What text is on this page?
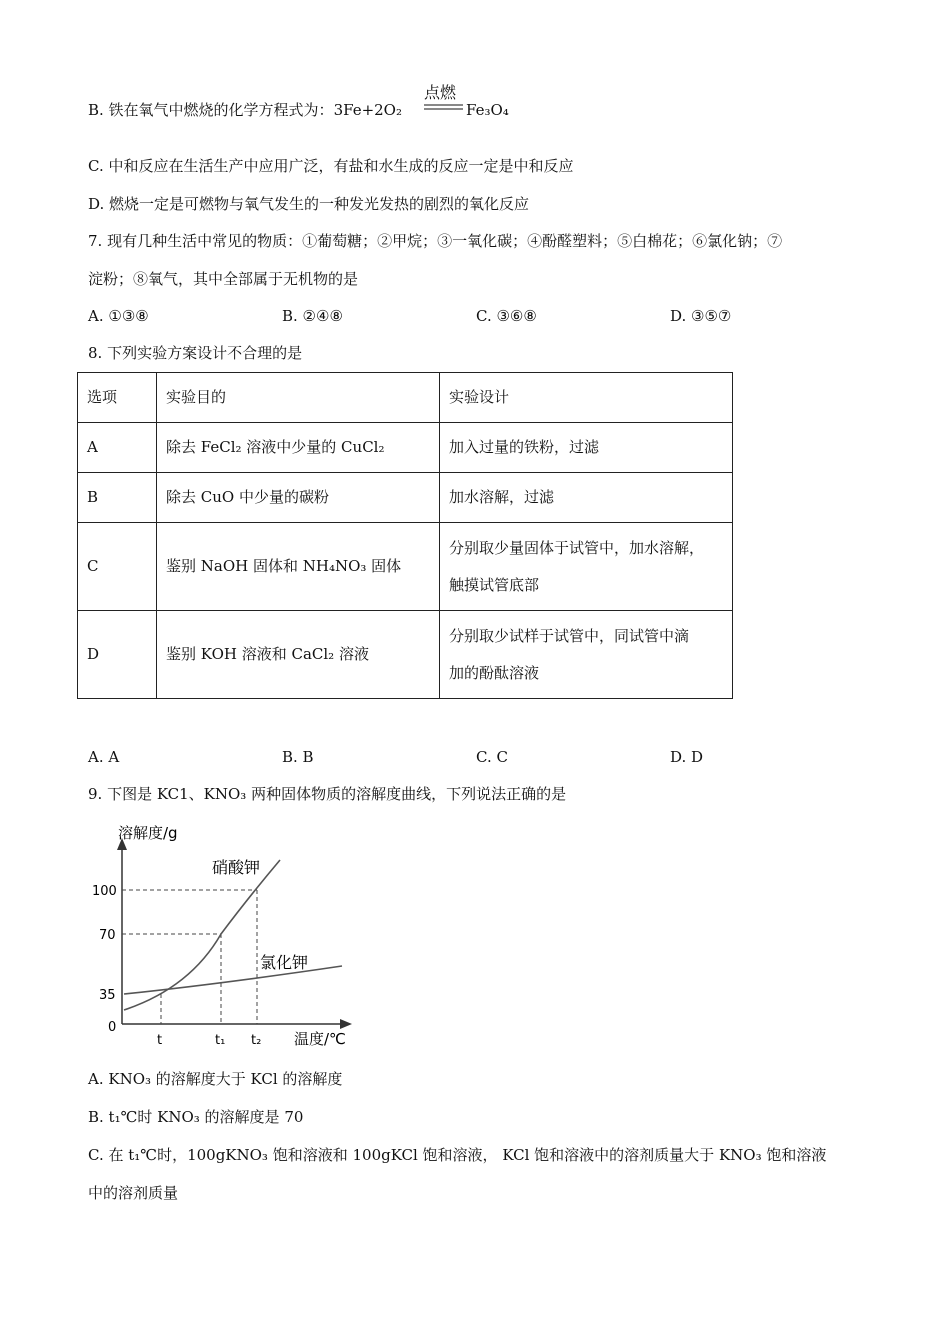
B. 铁在氧气中燃烧的化学方程式为：3Fe+2O₂
点燃
Fe₃O₄
C. 中和反应在生活生产中应用广泛，有盐和水生成的反应一定是中和反应
D. 燃烧一定是可燃物与氧气发生的一种发光发热的剧烈的氧化反应
7. 现有几种生活中常见的物质：①葡萄糖；②甲烷；③一氧化碳；④酚醛塑料；⑤白棉花；⑥氯化钠；⑦
淀粉；⑧氧气，其中全部属于无机物的是
A. ①③⑧	B. ②④⑧	C. ③⑥⑧	D. ③⑤⑦
8. 下列实验方案设计不合理的是
选项	实验目的	实验设计
A	除去 FeCl₂ 溶液中少量的 CuCl₂	加入过量的铁粉，过滤
B	除去 CuO 中少量的碳粉	加水溶解，过滤
C	鉴别 NaOH 固体和 NH₄NO₃ 固体	分别取少量固体于试管中，加水溶解，
触摸试管底部

D	鉴别 KOH 溶液和 CaCl₂ 溶液	分别取少试样于试管中，同试管中滴
加的酚酞溶液
A. A	B. B	C. C	D. D
9. 下图是 KC1、KNO₃ 两种固体物质的溶解度曲线，下列说法正确的是
溶解度/g
温度/℃
硝酸钾
氯化钾
100
70
35
0
t	t₁ t₂
A. KNO₃ 的溶解度大于 KCl 的溶解度
B. t₁℃时 KNO₃ 的溶解度是 70
C. 在 t₁℃时，100gKNO₃ 饱和溶液和 100gKCl 饱和溶液， KCl 饱和溶液中的溶剂质量大于 KNO₃ 饱和溶液
中的溶剂质量
